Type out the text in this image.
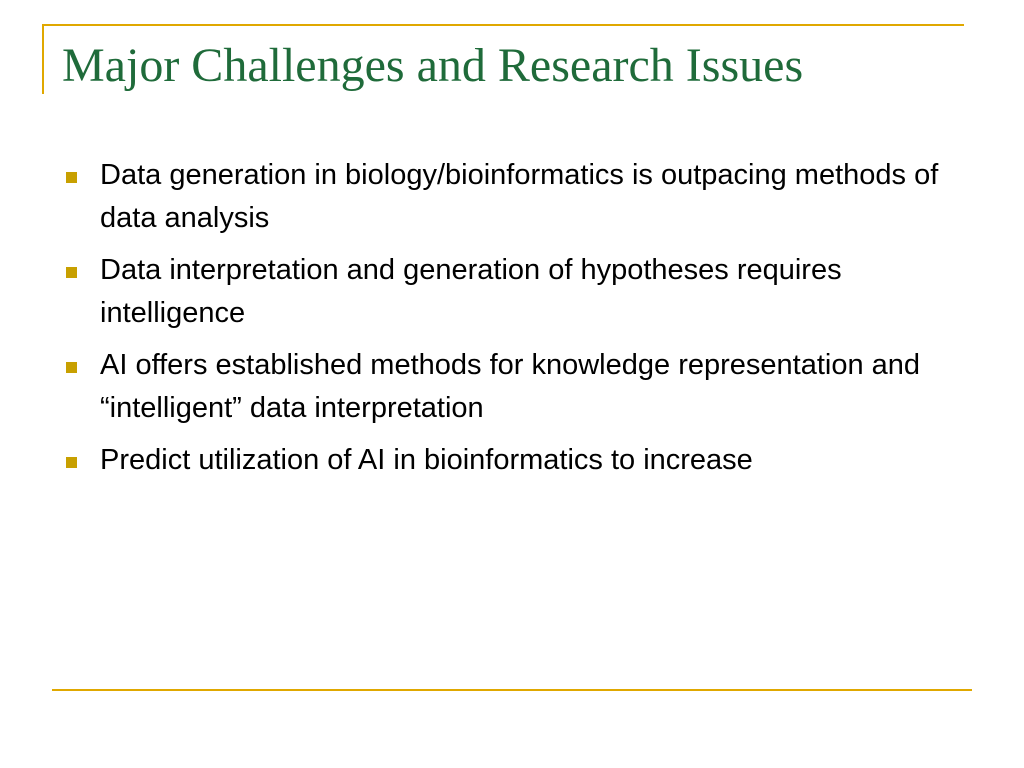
Major Challenges and Research Issues
Data generation in biology/bioinformatics is outpacing methods of data analysis
Data interpretation and generation of hypotheses requires intelligence
AI offers established methods for knowledge representation and “intelligent” data interpretation
Predict utilization of AI in bioinformatics to increase
